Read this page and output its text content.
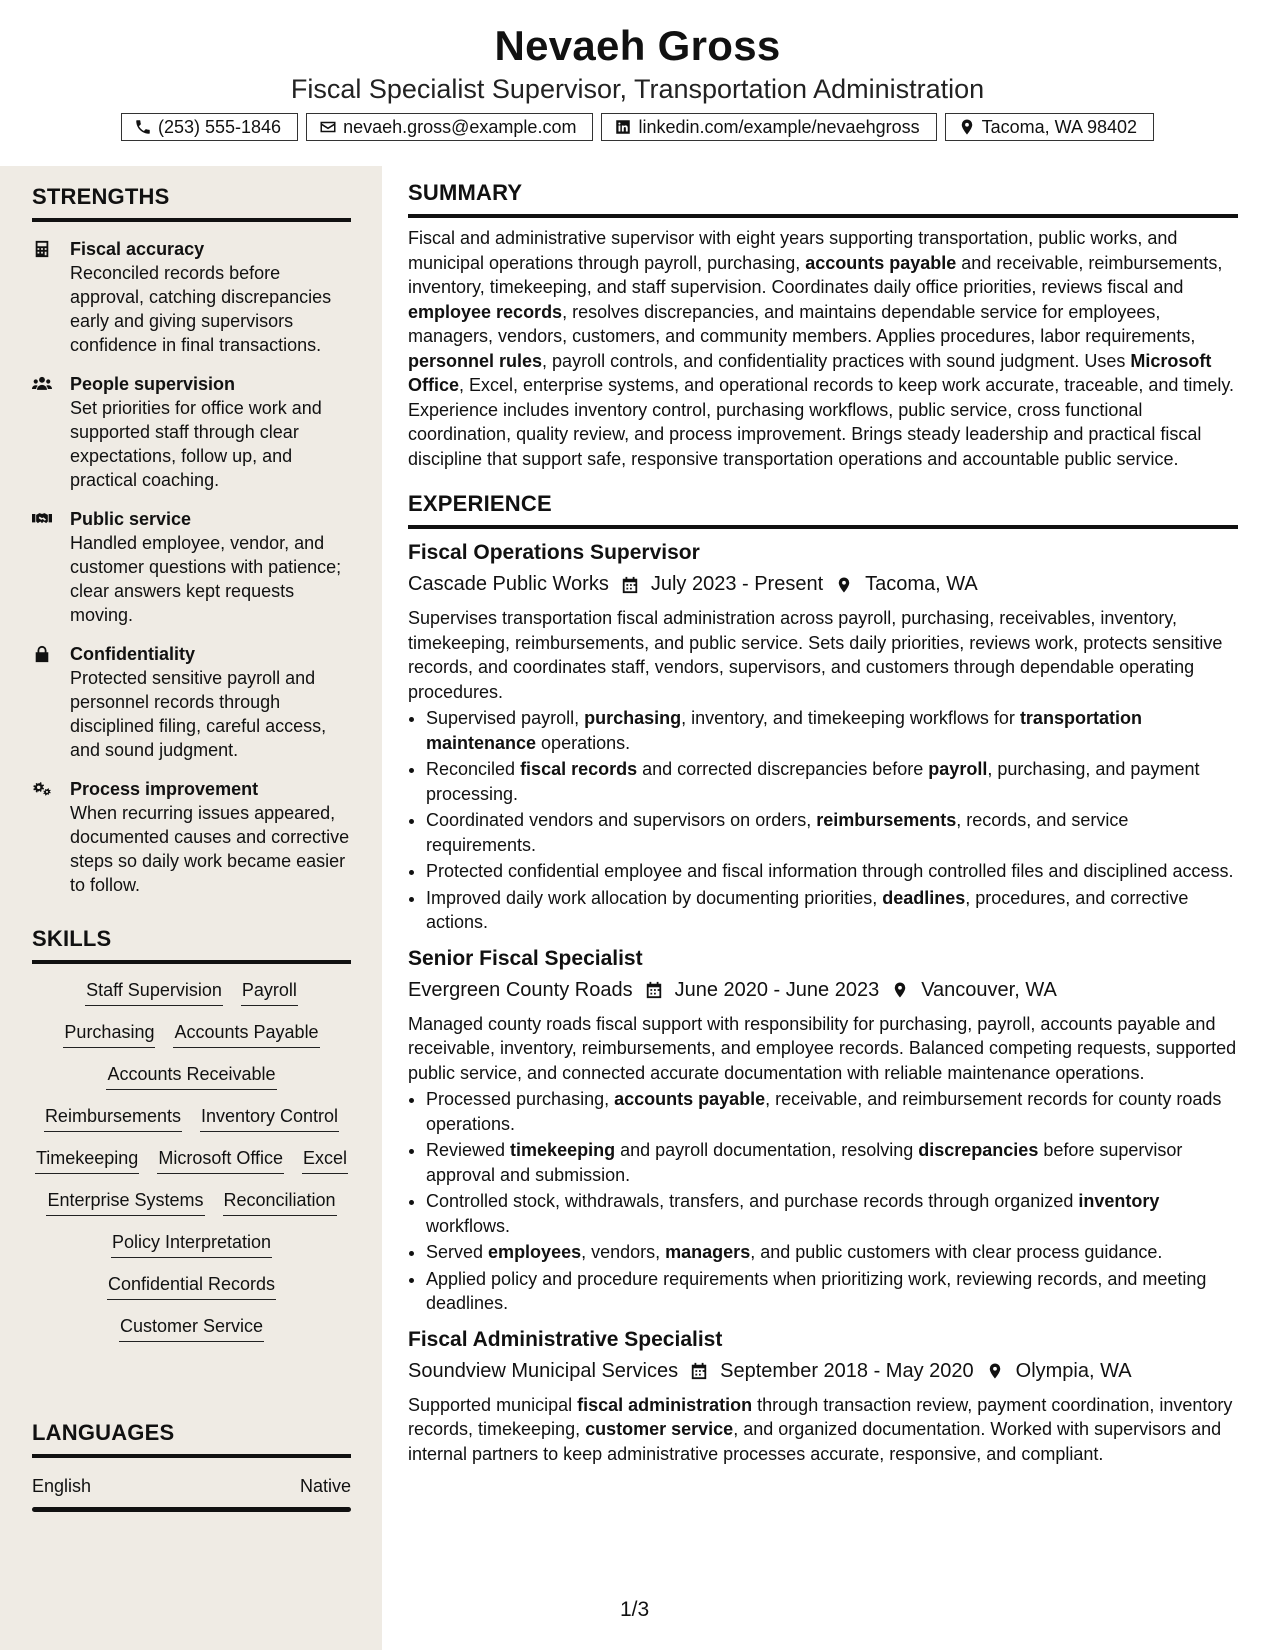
Nevaeh Gross
Fiscal Specialist Supervisor, Transportation Administration
(253) 555-1846	nevaeh.gross@example.com	linkedin.com/example/nevaehgross	Tacoma, WA 98402
STRENGTHS
Fiscal accuracy
Reconciled records before approval, catching discrepancies early and giving supervisors confidence in final transactions.
People supervision
Set priorities for office work and supported staff through clear expectations, follow up, and practical coaching.
Public service
Handled employee, vendor, and customer questions with patience; clear answers kept requests moving.
Confidentiality
Protected sensitive payroll and personnel records through disciplined filing, careful access, and sound judgment.
Process improvement
When recurring issues appeared, documented causes and corrective steps so daily work became easier to follow.
SKILLS
Staff Supervision Payroll
Purchasing Accounts Payable
Accounts Receivable
Reimbursements Inventory Control
Timekeeping Microsoft Office Excel
Enterprise Systems Reconciliation
Policy Interpretation
Confidential Records
Customer Service
LANGUAGES
English	Native
SUMMARY

Fiscal and administrative supervisor with eight years supporting transportation, public works, and municipal operations through payroll, purchasing, accounts payable and receivable, reimbursements, inventory, timekeeping, and staff supervision. Coordinates daily office priorities, reviews fiscal and employee records, resolves discrepancies, and maintains dependable service for employees, managers, vendors, customers, and community members. Applies procedures, labor requirements, personnel rules, payroll controls, and confidentiality practices with sound judgment. Uses Microsoft Office, Excel, enterprise systems, and operational records to keep work accurate, traceable, and timely. Experience includes inventory control, purchasing workflows, public service, cross functional coordination, quality review, and process improvement. Brings steady leadership and practical fiscal discipline that support safe, responsive transportation operations and accountable public service.

EXPERIENCE
Fiscal Operations Supervisor
Cascade Public Works July 2023 - Present Tacoma, WA

Supervises transportation fiscal administration across payroll, purchasing, receivables, inventory, timekeeping, reimbursements, and public service. Sets daily priorities, reviews work, protects sensitive records, and coordinates staff, vendors, supervisors, and customers through dependable operating procedures.

• Supervised payroll, purchasing, inventory, and timekeeping workflows for transportation maintenance operations.
• Reconciled fiscal records and corrected discrepancies before payroll, purchasing, and payment processing.
• Coordinated vendors and supervisors on orders, reimbursements, records, and service requirements.
• Protected confidential employee and fiscal information through controlled files and disciplined access.
• Improved daily work allocation by documenting priorities, deadlines, procedures, and corrective actions.
Senior Fiscal Specialist
Evergreen County Roads June 2020 - June 2023 Vancouver, WA

Managed county roads fiscal support with responsibility for purchasing, payroll, accounts payable and receivable, inventory, reimbursements, and employee records. Balanced competing requests, supported public service, and connected accurate documentation with reliable maintenance operations.

• Processed purchasing, accounts payable, receivable, and reimbursement records for county roads operations.
• Reviewed timekeeping and payroll documentation, resolving discrepancies before supervisor approval and submission.
• Controlled stock, withdrawals, transfers, and purchase records through organized inventory workflows.
• Served employees, vendors, managers, and public customers with clear process guidance.
• Applied policy and procedure requirements when prioritizing work, reviewing records, and meeting deadlines.
Fiscal Administrative Specialist
Soundview Municipal Services September 2018 - May 2020 Olympia, WA

Supported municipal fiscal administration through transaction review, payment coordination, inventory records, timekeeping, customer service, and organized documentation. Worked with supervisors and internal partners to keep administrative processes accurate, responsive, and compliant.

1/3
